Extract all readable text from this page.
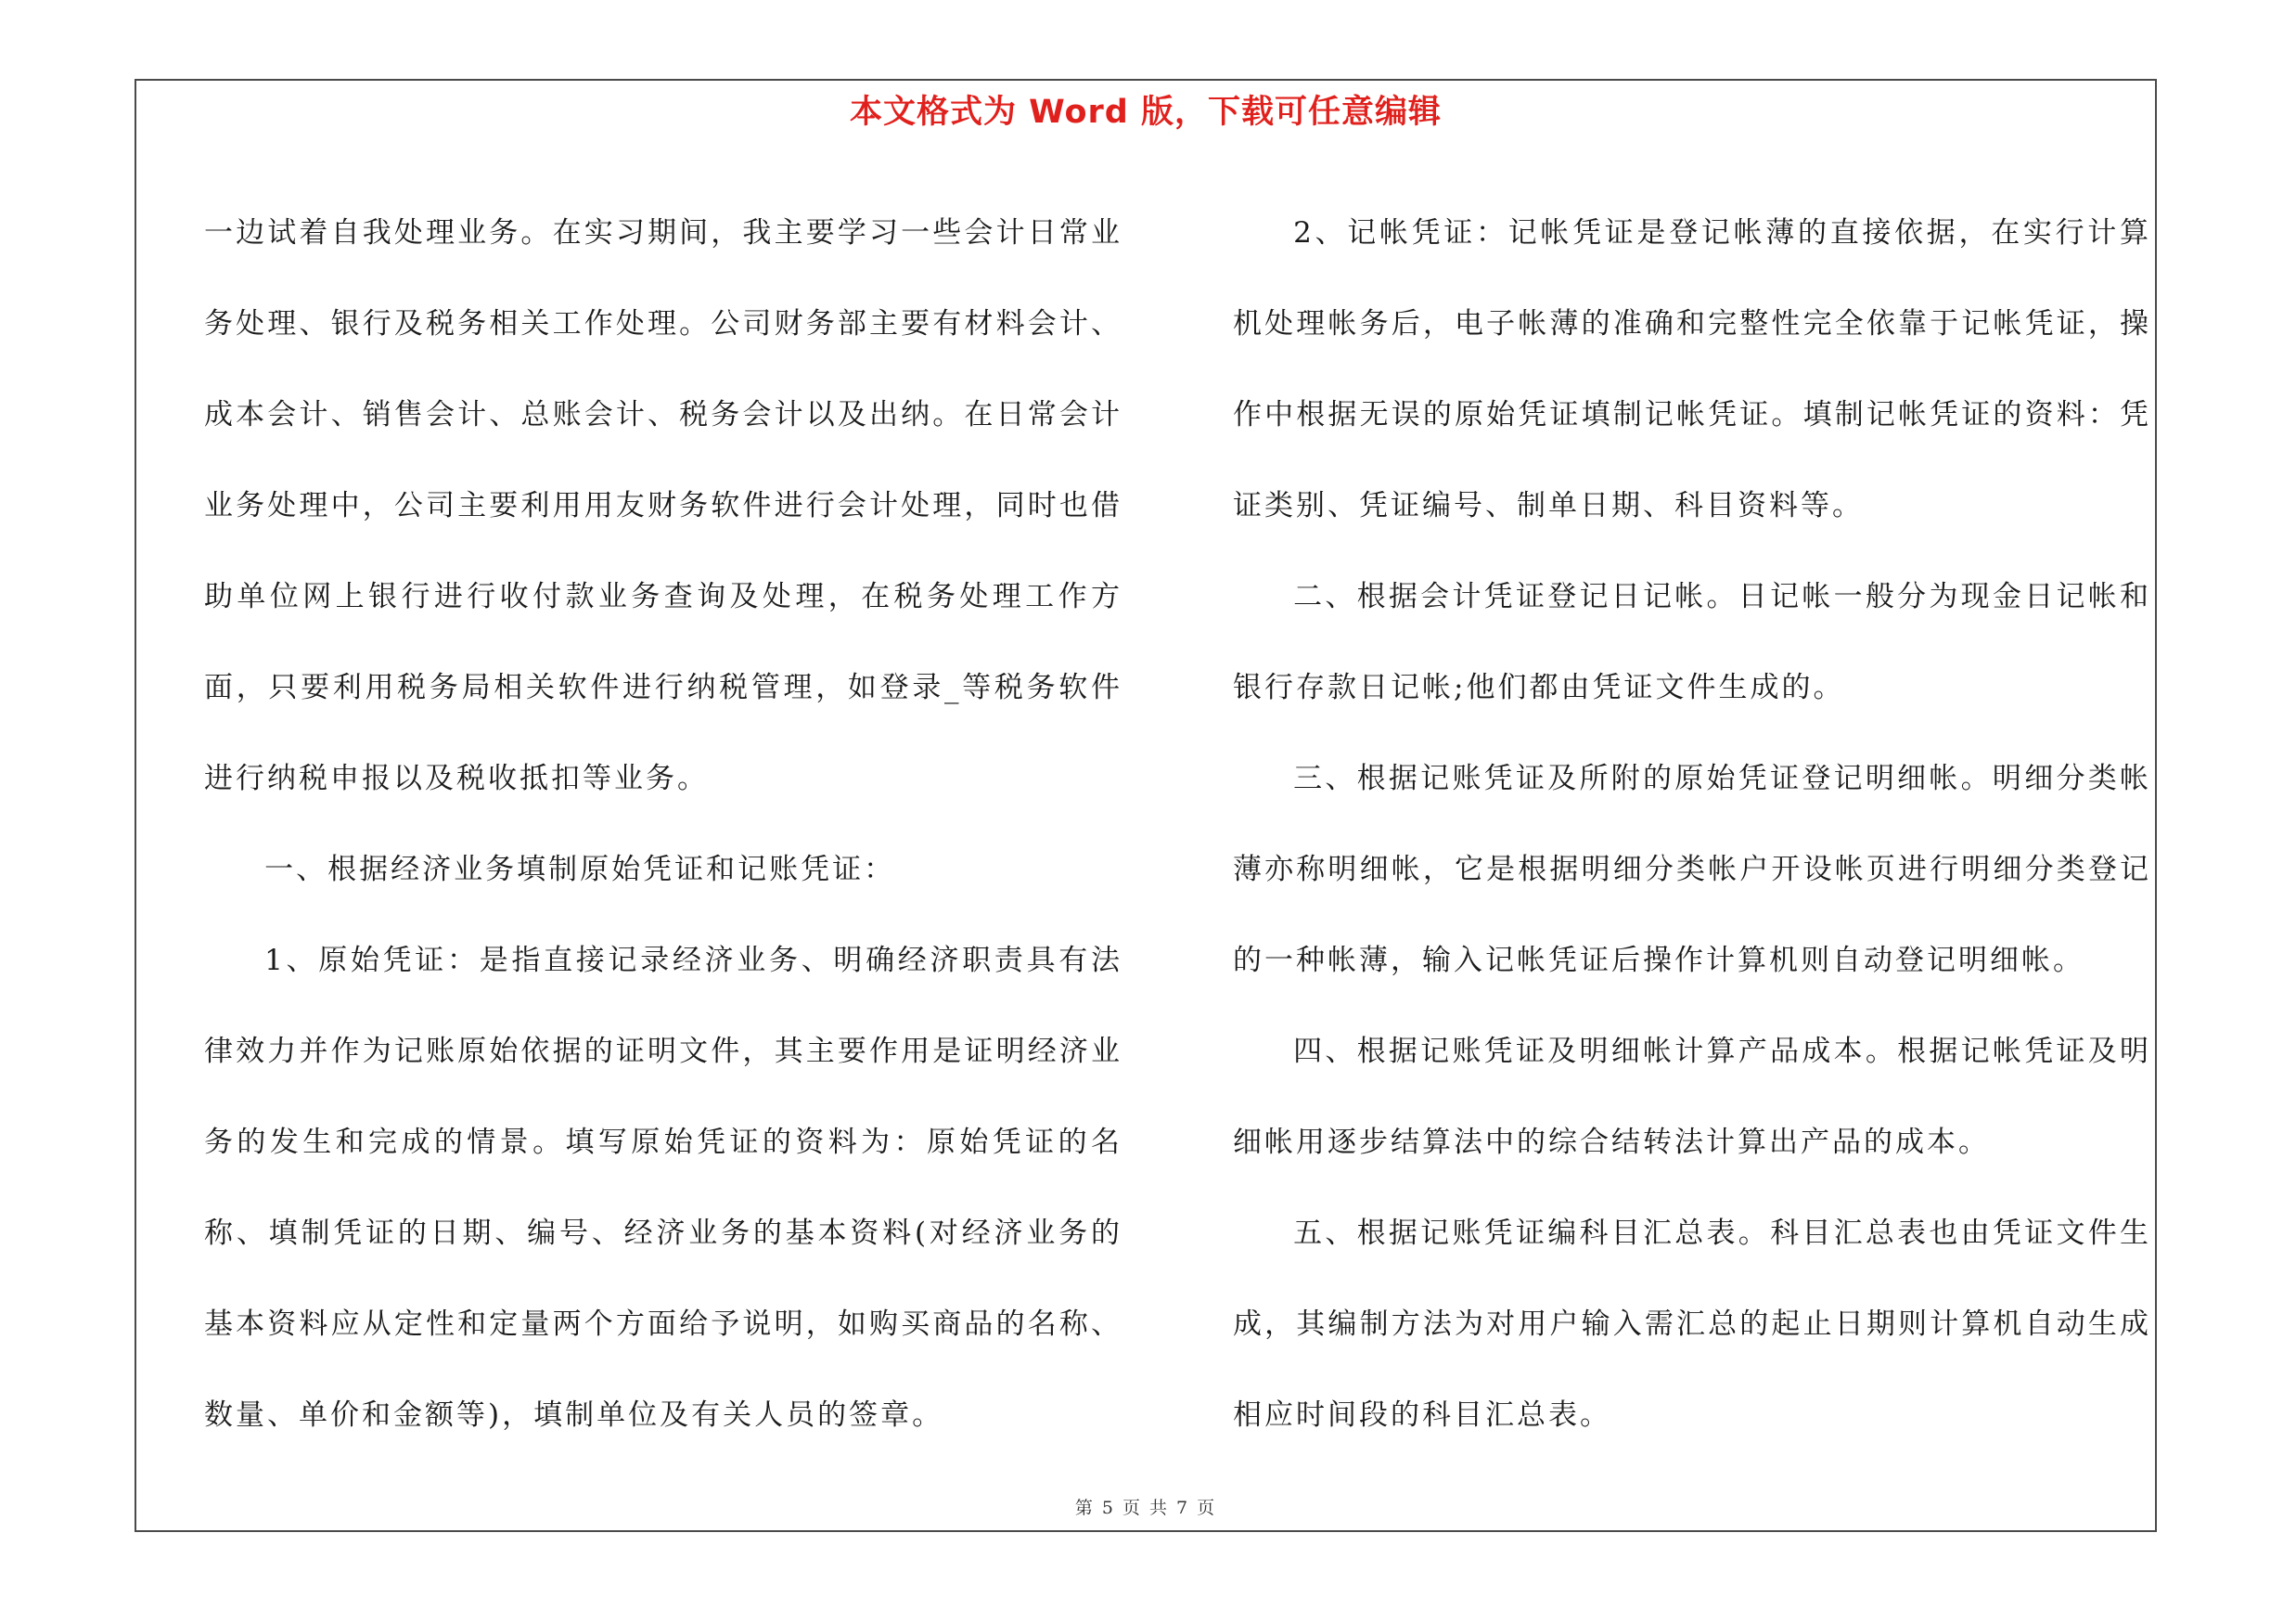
本文格式为 Word 版，下载可任意编辑

一边试着自我处理业务。在实习期间，我主要学习一些会计日常业务处理、银行及税务相关工作处理。公司财务部主要有材料会计、成本会计、销售会计、总账会计、税务会计以及出纳。在日常会计业务处理中，公司主要利用用友财务软件进行会计处理，同时也借助单位网上银行进行收付款业务查询及处理，在税务处理工作方面，只要利用税务局相关软件进行纳税管理，如登录_等税务软件进行纳税申报以及税收抵扣等业务。

一、根据经济业务填制原始凭证和记账凭证：

1、原始凭证：是指直接记录经济业务、明确经济职责具有法律效力并作为记账原始依据的证明文件，其主要作用是证明经济业务的发生和完成的情景。填写原始凭证的资料为：原始凭证的名称、填制凭证的日期、编号、经济业务的基本资料(对经济业务的基本资料应从定性和定量两个方面给予说明，如购买商品的名称、数量、单价和金额等)，填制单位及有关人员的签章。

2、记帐凭证：记帐凭证是登记帐薄的直接依据，在实行计算机处理帐务后，电子帐薄的准确和完整性完全依靠于记帐凭证，操作中根据无误的原始凭证填制记帐凭证。填制记帐凭证的资料：凭证类别、凭证编号、制单日期、科目资料等。

二、根据会计凭证登记日记帐。日记帐一般分为现金日记帐和银行存款日记帐;他们都由凭证文件生成的。

三、根据记账凭证及所附的原始凭证登记明细帐。明细分类帐薄亦称明细帐，它是根据明细分类帐户开设帐页进行明细分类登记的一种帐薄，输入记帐凭证后操作计算机则自动登记明细帐。

四、根据记账凭证及明细帐计算产品成本。根据记帐凭证及明细帐用逐步结算法中的综合结转法计算出产品的成本。

五、根据记账凭证编科目汇总表。科目汇总表也由凭证文件生成，其编制方法为对用户输入需汇总的起止日期则计算机自动生成相应时间段的科目汇总表。

第 5 页 共 7 页
